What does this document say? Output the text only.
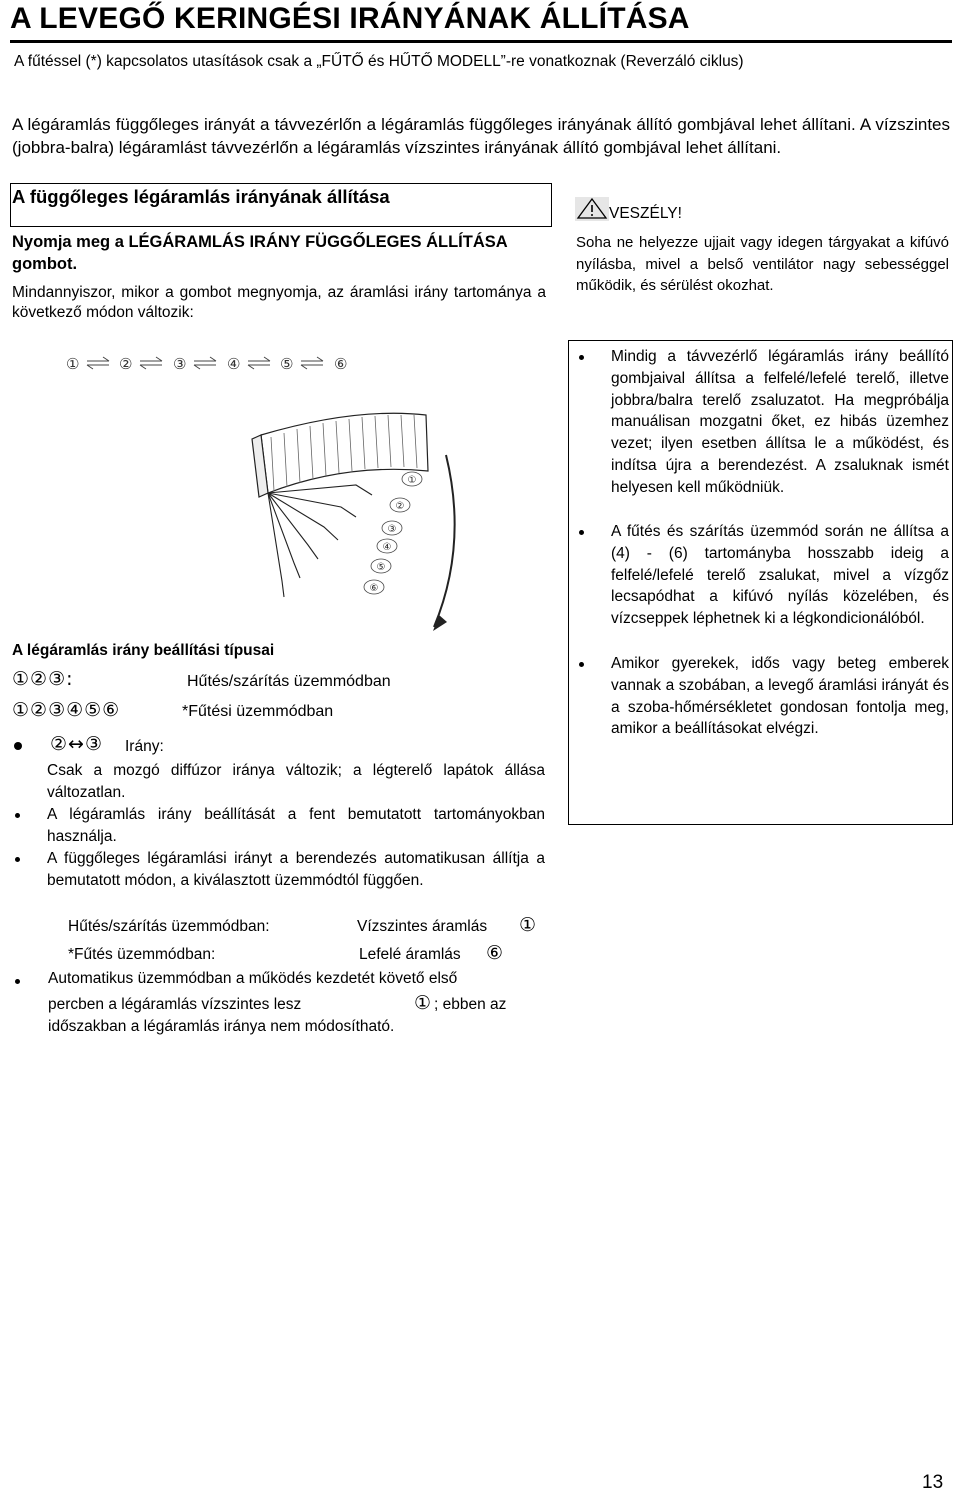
A LEVEGŐ KERINGÉSI IRÁNYÁNAK ÁLLÍTÁSA
A fűtéssel (*) kapcsolatos utasítások csak a „FŰTŐ és HŰTŐ MODELL”-re vonatkoznak (Reverzáló ciklus)
A légáramlás függőleges irányát a távvezérlőn a légáramlás függőleges irányának állító gombjával lehet állítani. A vízszintes (jobbra-balra) légáramlást távvezérlőn a légáramlás vízszintes irányának állító gombjával lehet állítani.
A függőleges légáramlás irányának állítása
Nyomja meg a LÉGÁRAMLÁS IRÁNY FÜGGŐLEGES ÁLLÍTÁSA gombot.
Mindannyiszor, mikor a gombot megnyomja, az áramlási irány tartománya a következő módon változik:
①	②	③	④	⑤	⑥
①
②
③
④
⑤
⑥
VESZÉLY!
Soha ne helyezze ujjait vagy idegen tárgyakat a kifúvó nyílásba, mivel a belső ventilátor nagy sebességgel működik, és sérülést okozhat.
Mindig a távvezérlő légáramlás irány beállító gombjaival állítsa a felfelé/lefelé terelő, illetve jobbra/balra terelő zsaluzatot. Ha megpróbálja manuálisan mozgatni őket, ez hibás üzemhez vezet; ilyen esetben állítsa le a működést, és indítsa újra a berendezést. A zsaluknak ismét helyesen kell működniük.
A fűtés és szárítás üzemmód során ne állítsa a (4) - (6) tartományba hosszabb ideig a felfelé/lefelé terelő zsalukat, mivel a vízgőz lecsapódhat a kifúvó nyílás közelében, és vízcseppek léphetnek ki a légkondicionálóból.
Amikor gyerekek, idős vagy beteg emberek vannak a szobában, a levegő áramlási irányát és a szoba-hőmérsékletet gondosan fontolja meg, amikor a beállításokat elvégzi.
A légáramlás irány beállítási típusai
①②③:	Hűtés/szárítás üzemmódban
①②③④⑤⑥	*Fűtési üzemmódban
②↔③ Irány:
Csak a mozgó diffúzor iránya változik; a légterelő lapátok állása változatlan.
A légáramlás irány beállítását a fent bemutatott tartományokban használja.
A függőleges légáramlási irányt a berendezés automatikusan állítja a bemutatott módon, a kiválasztott üzemmódtól függően.
Hűtés/szárítás üzemmódban:	Vízszintes áramlás ①
*Fűtés üzemmódban:	Lefelé áramlás ⑥
Automatikus üzemmódban a működés kezdetét követő első
percben a légáramlás vízszintes lesz	① ; ebben az
időszakban a légáramlás iránya nem módosítható.
13
